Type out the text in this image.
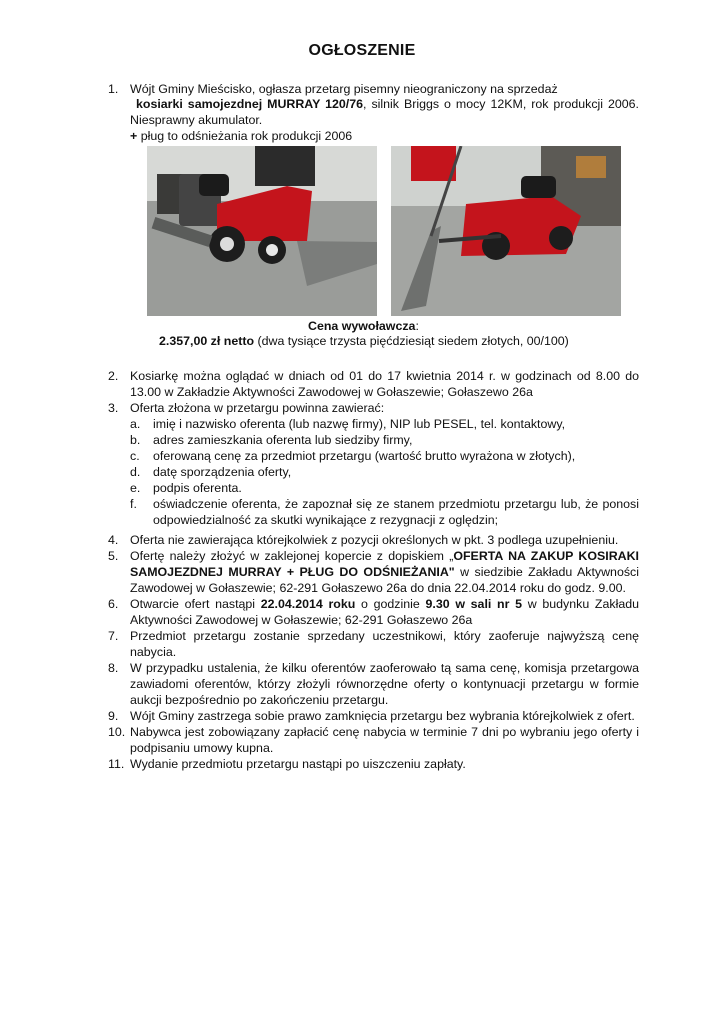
OGŁOSZENIE
1. Wójt Gminy Mieścisko, ogłasza przetarg pisemny nieograniczony na sprzedaż
kosiarki samojezdnej MURRAY 120/76, silnik Briggs o mocy 12KM, rok produkcji 2006.
Niesprawny akumulator.
+ pług to odśnieżania rok produkcji 2006
Cena wywoławcza:
2.357,00 zł netto (dwa tysiące trzysta pięćdziesiąt siedem złotych, 00/100)
2. Kosiarkę można oglądać w dniach od 01 do 17 kwietnia 2014 r. w godzinach od 8.00 do
13.00 w Zakładzie Aktywności Zawodowej w Gołaszewie; Gołaszewo 26a
3. Oferta złożona w przetargu powinna zawierać:
a. imię i nazwisko oferenta (lub nazwę firmy), NIP lub PESEL, tel. kontaktowy,
b. adres zamieszkania oferenta lub siedziby firmy,
c. oferowaną cenę za przedmiot przetargu (wartość brutto wyrażona w złotych),
d. datę sporządzenia oferty,
e. podpis oferenta.
f. oświadczenie oferenta, że zapoznał się ze stanem przedmiotu przetargu lub, że ponosi
odpowiedzialność za skutki wynikające z rezygnacji z oględzin;
4. Oferta nie zawierająca którejkolwiek z pozycji określonych w pkt. 3 podlega uzupełnieniu.
5. Ofertę należy złożyć w zaklejonej kopercie z dopiskiem „OFERTA NA ZAKUP KOSIRAKI
SAMOJEZDNEJ MURRAY + PŁUG DO ODŚNIEŻANIA" w siedzibie Zakładu Aktywności
Zawodowej w Gołaszewie; 62-291 Gołaszewo 26a do dnia 22.04.2014 roku do godz. 9.00.
6. Otwarcie ofert nastąpi 22.04.2014 roku o godzinie 9.30 w sali nr 5 w budynku Zakładu
Aktywności Zawodowej w Gołaszewie; 62-291 Gołaszewo 26a
7. Przedmiot przetargu zostanie sprzedany uczestnikowi, który zaoferuje najwyższą cenę
nabycia.
8. W przypadku ustalenia, że kilku oferentów zaoferowało tą sama cenę, komisja przetargowa
zawiadomi oferentów, którzy złożyli równorzędne oferty o kontynuacji przetargu w formie
aukcji bezpośrednio po zakończeniu przetargu.
9. Wójt Gminy zastrzega sobie prawo zamknięcia przetargu bez wybrania którejkolwiek z ofert.
10. Nabywca jest zobowiązany zapłacić cenę nabycia w terminie 7 dni po wybraniu jego oferty i
podpisaniu umowy kupna.
11. Wydanie przedmiotu przetargu nastąpi po uiszczeniu zapłaty.
